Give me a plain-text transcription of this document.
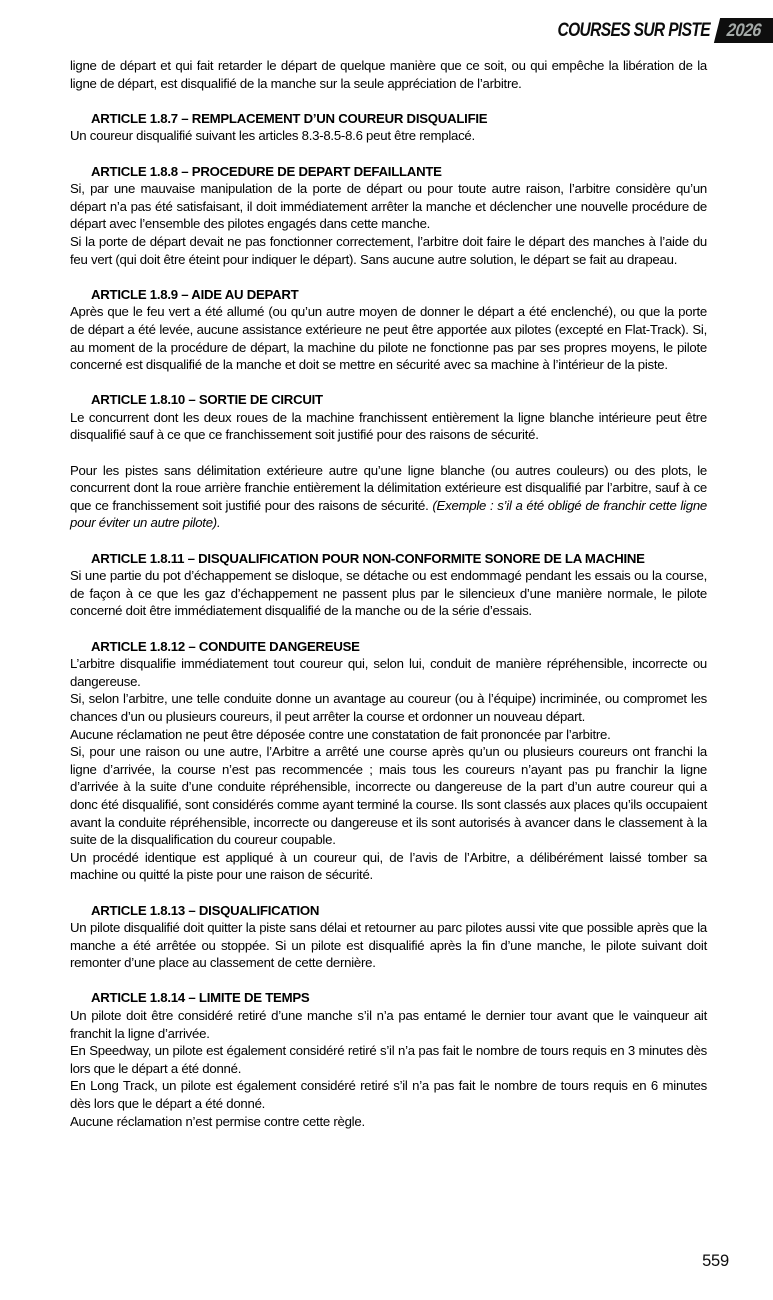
COURSES SUR PISTE 2026

ligne de départ et qui fait retarder le départ de quelque manière que ce soit, ou qui empêche la libération de la ligne de départ, est disqualifié de la manche sur la seule appréciation de l’arbitre.

ARTICLE 1.8.7 – REMPLACEMENT D’UN COUREUR DISQUALIFIE

Un coureur disqualifié suivant les articles 8.3-8.5-8.6 peut être remplacé.

ARTICLE 1.8.8 – PROCEDURE DE DEPART DEFAILLANTE

Si, par une mauvaise manipulation de la porte de départ ou pour toute autre raison, l’arbitre considère qu’un départ n’a pas été satisfaisant, il doit immédiatement arrêter la manche et déclencher une nouvelle procédure de départ avec l’ensemble des pilotes engagés dans cette manche.

Si la porte de départ devait ne pas fonctionner correctement, l’arbitre doit faire le départ des manches à l’aide du feu vert (qui doit être éteint pour indiquer le départ). Sans aucune autre solution, le départ se fait au drapeau.

ARTICLE 1.8.9 – AIDE AU DEPART

Après que le feu vert a été allumé (ou qu’un autre moyen de donner le départ a été enclenché), ou que la porte de départ a été levée, aucune assistance extérieure ne peut être apportée aux pilotes (excepté en Flat-Track). Si, au moment de la procédure de départ, la machine du pilote ne fonctionne pas par ses propres moyens, le pilote concerné est disqualifié de la manche et doit se mettre en sécurité avec sa machine à l’intérieur de la piste.

ARTICLE 1.8.10 – SORTIE DE CIRCUIT

Le concurrent dont les deux roues de la machine franchissent entièrement la ligne blanche intérieure peut être disqualifié sauf à ce que ce franchissement soit justifié pour des raisons de sécurité.

Pour les pistes sans délimitation extérieure autre qu’une ligne blanche (ou autres couleurs) ou des plots, le concurrent dont la roue arrière franchie entièrement la délimitation extérieure est disqualifié par l’arbitre, sauf à ce que ce franchissement soit justifié pour des raisons de sécurité. (Exemple : s’il a été obligé de franchir cette ligne pour éviter un autre pilote).

ARTICLE 1.8.11 – DISQUALIFICATION POUR NON-CONFORMITE SONORE DE LA MACHINE

Si une partie du pot d’échappement se disloque, se détache ou est endommagé pendant les essais ou la course, de façon à ce que les gaz d’échappement ne passent plus par le silencieux d’une manière normale, le pilote concerné doit être immédiatement disqualifié de la manche ou de la série d’essais.

ARTICLE 1.8.12 – CONDUITE DANGEREUSE

L’arbitre disqualifie immédiatement tout coureur qui, selon lui, conduit de manière répréhensible, incorrecte ou dangereuse.

Si, selon l’arbitre, une telle conduite donne un avantage au coureur (ou à l’équipe) incriminée, ou compromet les chances d’un ou plusieurs coureurs, il peut arrêter la course et ordonner un nouveau départ.

Aucune réclamation ne peut être déposée contre une constatation de fait prononcée par l’arbitre.

Si, pour une raison ou une autre, l’Arbitre a arrêté une course après qu’un ou plusieurs coureurs ont franchi la ligne d’arrivée, la course n’est pas recommencée ; mais tous les coureurs n’ayant pas pu franchir la ligne d’arrivée à la suite d’une conduite répréhensible, incorrecte ou dangereuse de la part d’un autre coureur qui a donc été disqualifié, sont considérés comme ayant terminé la course. Ils sont classés aux places qu’ils occupaient avant la conduite répréhensible, incorrecte ou dangereuse et ils sont autorisés à avancer dans le classement à la suite de la disqualification du coureur coupable.

Un procédé identique est appliqué à un coureur qui, de l’avis de l’Arbitre, a délibérément laissé tomber sa machine ou quitté la piste pour une raison de sécurité.

ARTICLE 1.8.13 – DISQUALIFICATION

Un pilote disqualifié doit quitter la piste sans délai et retourner au parc pilotes aussi vite que possible après que la manche a été arrêtée ou stoppée. Si un pilote est disqualifié après la fin d’une manche, le pilote suivant doit remonter d’une place au classement de cette dernière.

ARTICLE 1.8.14 – LIMITE DE TEMPS

Un pilote doit être considéré retiré d’une manche s’il n’a pas entamé le dernier tour avant que le vainqueur ait franchit la ligne d’arrivée.

En Speedway, un pilote est également considéré retiré s’il n’a pas fait le nombre de tours requis en 3 minutes dès lors que le départ a été donné.

En Long Track, un pilote est également considéré retiré s’il n’a pas fait le nombre de tours requis en 6 minutes dès lors que le départ a été donné.

Aucune réclamation n’est permise contre cette règle.

559
